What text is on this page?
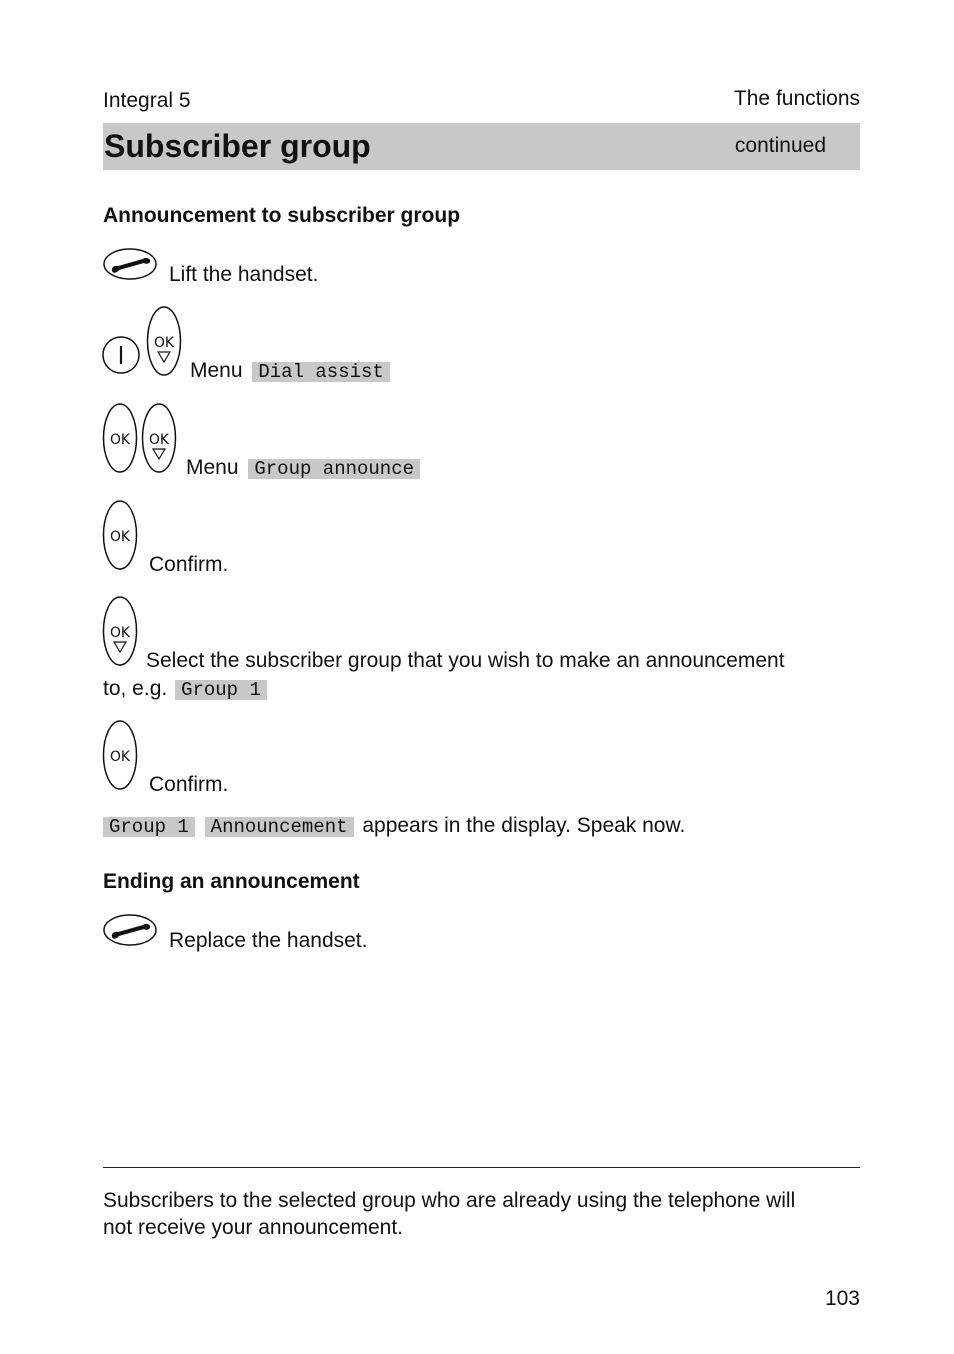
Integral 5	The functions
Subscriber group	continued
Announcement to subscriber group
Lift the handset.
OK
Menu Dial assist
OK OK
Menu Group announce
OK
Confirm.
OK
Select the subscriber group that you wish to make an announcement
to, e.g. Group 1
OK
Confirm.
Group 1 Announcement appears in the display. Speak now.
Ending an announcement
Replace the handset.
Subscribers to the selected group who are already using the telephone will
not receive your announcement.
103
